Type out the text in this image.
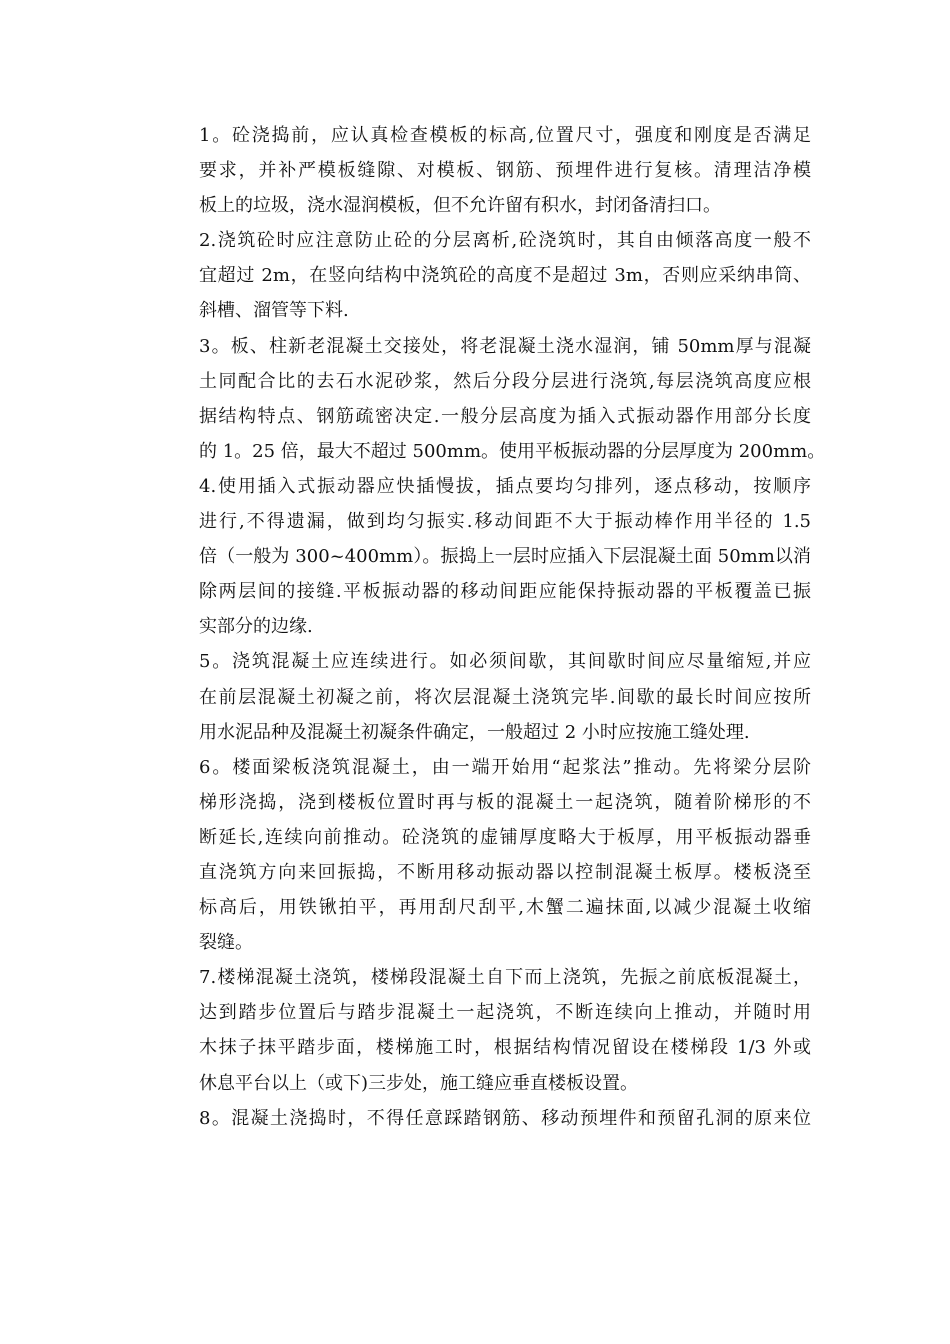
1。砼浇捣前，应认真检查模板的标高,位置尺寸，强度和刚度是否满足
要求，并补严模板缝隙、对模板、钢筋、预埋件进行复核。清理洁净模
板上的垃圾，浇水湿润模板，但不允许留有积水，封闭备清扫口。
2.浇筑砼时应注意防止砼的分层离析,砼浇筑时，其自由倾落高度一般不
宜超过 2m，在竖向结构中浇筑砼的高度不是超过 3m，否则应采纳串筒、
斜槽、溜管等下料.
3。板、柱新老混凝土交接处，将老混凝土浇水湿润，铺 50mm厚与混凝
土同配合比的去石水泥砂浆，然后分段分层进行浇筑,每层浇筑高度应根
据结构特点、钢筋疏密决定.一般分层高度为插入式振动器作用部分长度
的 1。25 倍，最大不超过 500mm。使用平板振动器的分层厚度为 200mm。
4.使用插入式振动器应快插慢拔，插点要均匀排列，逐点移动，按顺序
进行,不得遗漏，做到均匀振实.移动间距不大于振动棒作用半径的 1.5
倍（一般为 300~400mm）。振捣上一层时应插入下层混凝土面 50mm以消
除两层间的接缝.平板振动器的移动间距应能保持振动器的平板覆盖已振
实部分的边缘.
5。浇筑混凝土应连续进行。如必须间歇，其间歇时间应尽量缩短,并应
在前层混凝土初凝之前，将次层混凝土浇筑完毕.间歇的最长时间应按所
用水泥品种及混凝土初凝条件确定，一般超过 2 小时应按施工缝处理.
6。楼面梁板浇筑混凝土，由一端开始用“起浆法”推动。先将梁分层阶
梯形浇捣，浇到楼板位置时再与板的混凝土一起浇筑，随着阶梯形的不
断延长,连续向前推动。砼浇筑的虚铺厚度略大于板厚，用平板振动器垂
直浇筑方向来回振捣，不断用移动振动器以控制混凝土板厚。楼板浇至
标高后，用铁锹拍平，再用刮尺刮平,木蟹二遍抹面,以减少混凝土收缩
裂缝。
7.楼梯混凝土浇筑，楼梯段混凝土自下而上浇筑，先振之前底板混凝土，
达到踏步位置后与踏步混凝土一起浇筑，不断连续向上推动，并随时用
木抹子抹平踏步面，楼梯施工时，根据结构情况留设在楼梯段 1/3 外或
休息平台以上（或下)三步处，施工缝应垂直楼板设置。
8。混凝土浇捣时，不得任意踩踏钢筋、移动预埋件和预留孔洞的原来位
